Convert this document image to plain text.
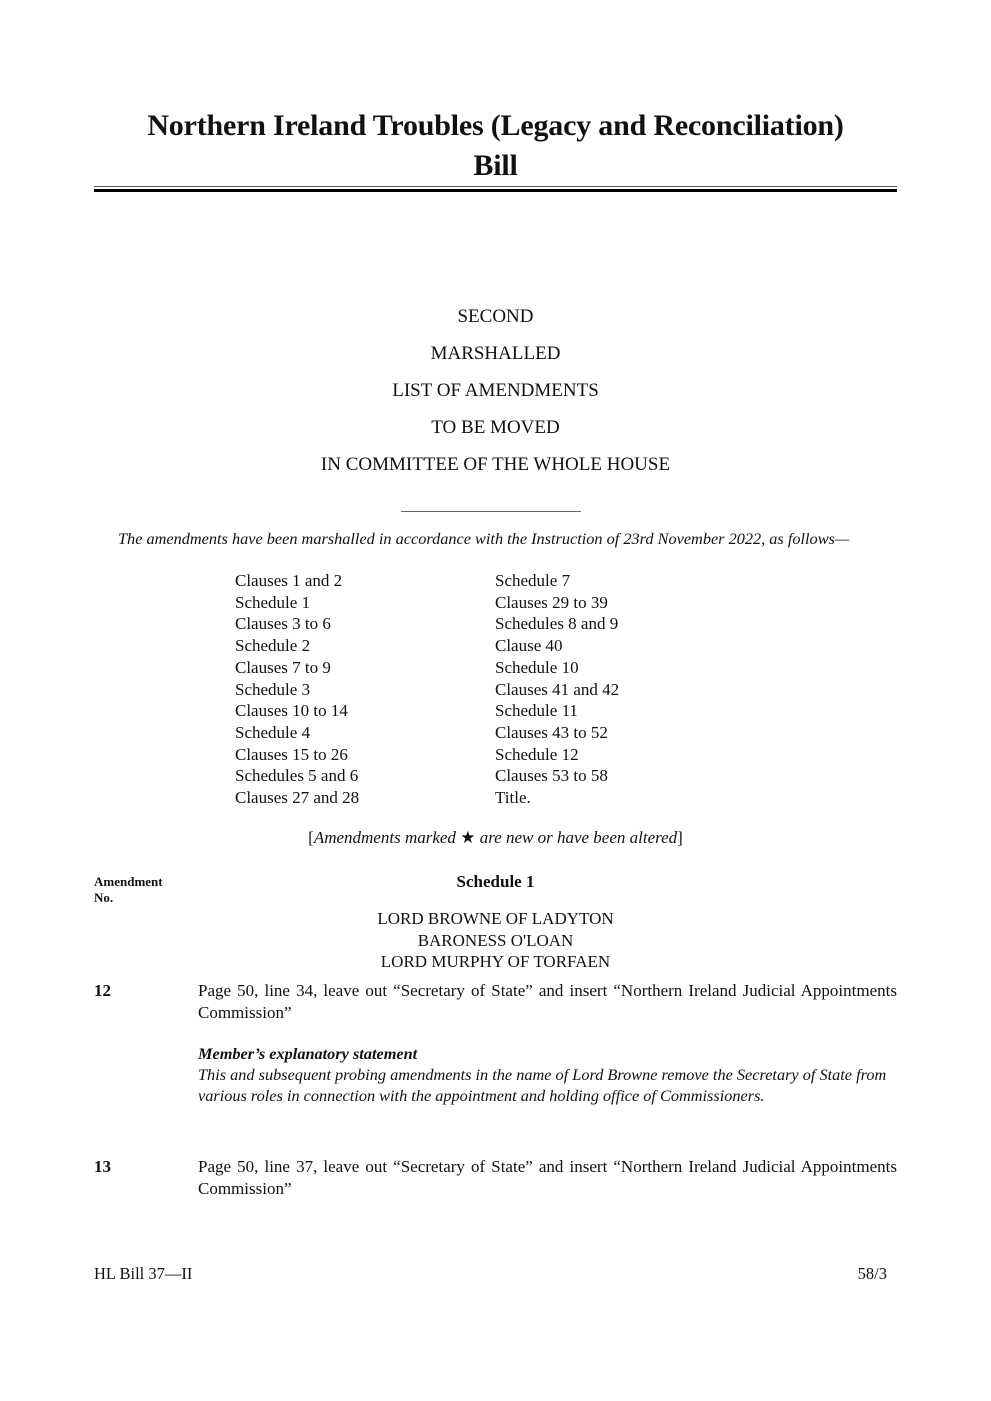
Northern Ireland Troubles (Legacy and Reconciliation)
Bill
SECOND
MARSHALLED
LIST OF AMENDMENTS
TO BE MOVED
IN COMMITTEE OF THE WHOLE HOUSE
The amendments have been marshalled in accordance with the Instruction of 23rd November 2022, as follows—
Clauses 1 and 2	Schedule 7
Schedule 1	Clauses 29 to 39
Clauses 3 to 6	Schedules 8 and 9
Schedule 2	Clause 40
Clauses 7 to 9	Schedule 10
Schedule 3	Clauses 41 and 42
Clauses 10 to 14	Schedule 11
Schedule 4	Clauses 43 to 52
Clauses 15 to 26	Schedule 12
Schedules 5 and 6	Clauses 53 to 58
Clauses 27 and 28	Title.
[Amendments marked ★ are new or have been altered]
Amendment
No.
Schedule 1
LORD BROWNE OF LADYTON
BARONESS O'LOAN
LORD MURPHY OF TORFAEN
12	Page 50, line 34, leave out “Secretary of State” and insert “Northern Ireland Judicial Appointments Commission”
Member’s explanatory statement
This and subsequent probing amendments in the name of Lord Browne remove the Secretary of State from various roles in connection with the appointment and holding office of Commissioners.
13	Page 50, line 37, leave out “Secretary of State” and insert “Northern Ireland Judicial Appointments Commission”
HL Bill 37—II	58/3
